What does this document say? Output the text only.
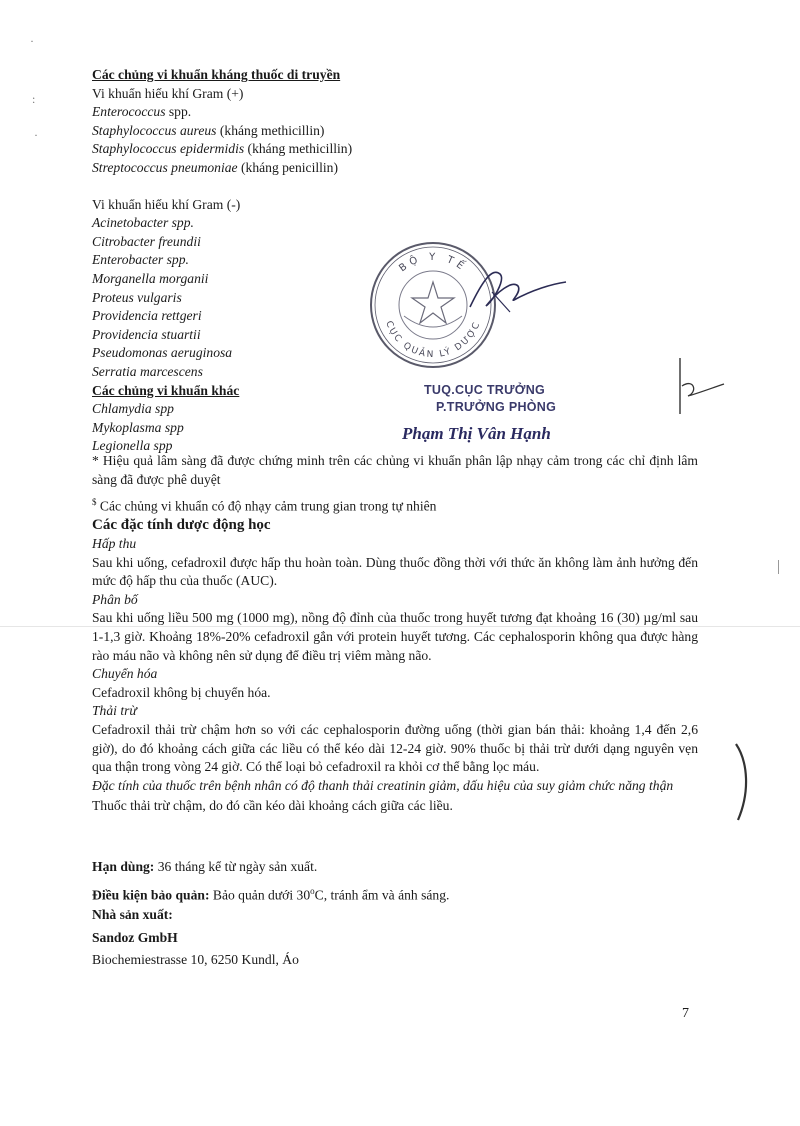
Các chủng vi khuẩn kháng thuốc di truyền
Vi khuẩn hiếu khí Gram (+)
Enterococcus spp.
Staphylococcus aureus (kháng methicillin)
Staphylococcus epidermidis (kháng methicillin)
Streptococcus pneumoniae (kháng penicillin)
Vi khuẩn hiếu khí Gram (-)
Acinetobacter spp.
Citrobacter freundii
Enterobacter spp.
Morganella morganii
Proteus vulgaris
Providencia rettgeri
Providencia stuartii
Pseudomonas aeruginosa
Serratia marcescens
Các chủng vi khuẩn khác
Chlamydia spp
Mykoplasma spp
Legionella spp
BỘ Y TẾ
CỤC QUẢN LÝ DƯỢC
TUQ.CỤC TRƯỞNG
P.TRƯỞNG PHÒNG
Phạm Thị Vân Hạnh
* Hiệu quả lâm sàng đã được chứng minh trên các chủng vi khuẩn phân lập nhạy cảm trong các chỉ định lâm sàng đã được phê duyệt
$ Các chủng vi khuẩn có độ nhạy cảm trung gian trong tự nhiên
Các đặc tính dược động học
Hấp thu
Sau khi uống, cefadroxil được hấp thu hoàn toàn. Dùng thuốc đồng thời với thức ăn không làm ảnh hưởng đến mức độ hấp thu của thuốc (AUC).
Phân bố
Sau khi uống liều 500 mg (1000 mg), nồng độ đỉnh của thuốc trong huyết tương đạt khoảng 16 (30) µg/ml sau 1-1,3 giờ. Khoảng 18%-20% cefadroxil gắn với protein huyết tương. Các cephalosporin không qua được hàng rào máu não và không nên sử dụng để điều trị viêm màng não.
Chuyển hóa
Cefadroxil không bị chuyển hóa.
Thải trừ
Cefadroxil thải trừ chậm hơn so với các cephalosporin đường uống (thời gian bán thải: khoảng 1,4 đến 2,6 giờ), do đó khoảng cách giữa các liều có thể kéo dài 12-24 giờ. 90% thuốc bị thải trừ dưới dạng nguyên vẹn qua thận trong vòng 24 giờ. Có thể loại bỏ cefadroxil ra khỏi cơ thể bằng lọc máu.
Đặc tính của thuốc trên bệnh nhân có độ thanh thải creatinin giảm, dấu hiệu của suy giảm chức năng thận
Thuốc thải trừ chậm, do đó cần kéo dài khoảng cách giữa các liều.
Hạn dùng: 36 tháng kể từ ngày sản xuất.
Điều kiện bảo quản: Bảo quản dưới 30$^o$C, tránh ẩm và ánh sáng.
Nhà sản xuất:
Sandoz GmbH
Biochemiestrasse 10, 6250 Kundl, Áo
7
·
:
·
